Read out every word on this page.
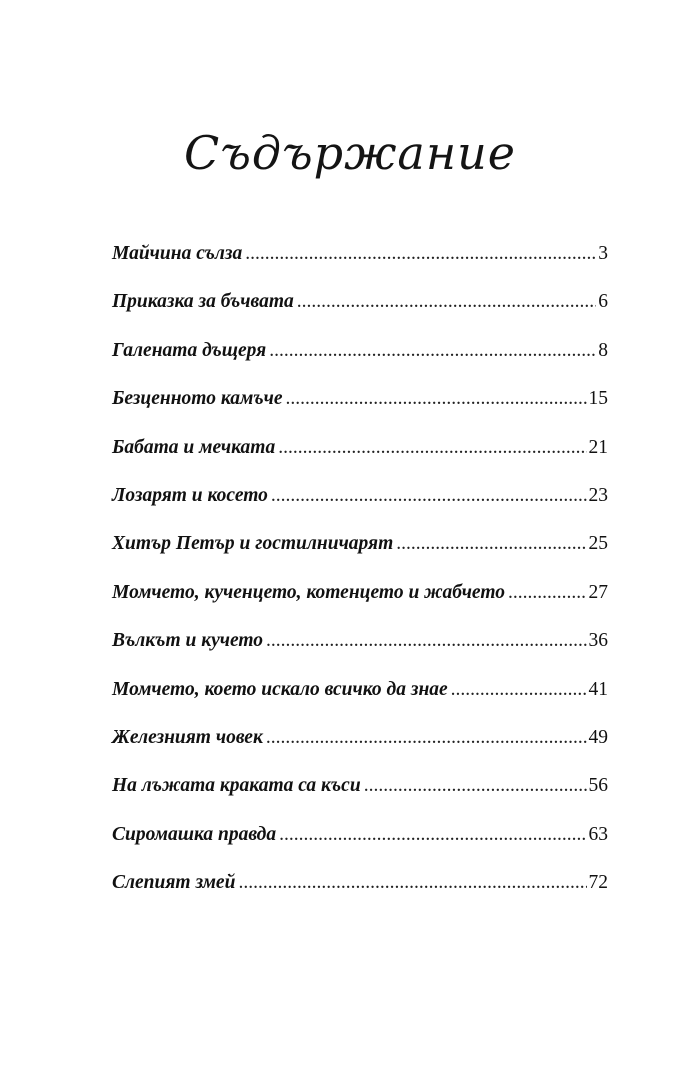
Съдържание
Майчина сълза .....	3
Приказка за бъчвата .....	6
Галената дъщеря .....	8
Безценното камъче .....	15
Бабата и мечката .....	21
Лозарят и косето .....	23
Хитър Петър и гостилничарят .....	25
Момчето, кученцето, котенцето и жабчето .....	27
Вълкът и кучето .....	36
Момчето, което искало всичко да знае .....	41
Железният човек .....	49
На лъжата краката са къси .....	56
Сиромашка правда .....	63
Слепият змей .....	72
